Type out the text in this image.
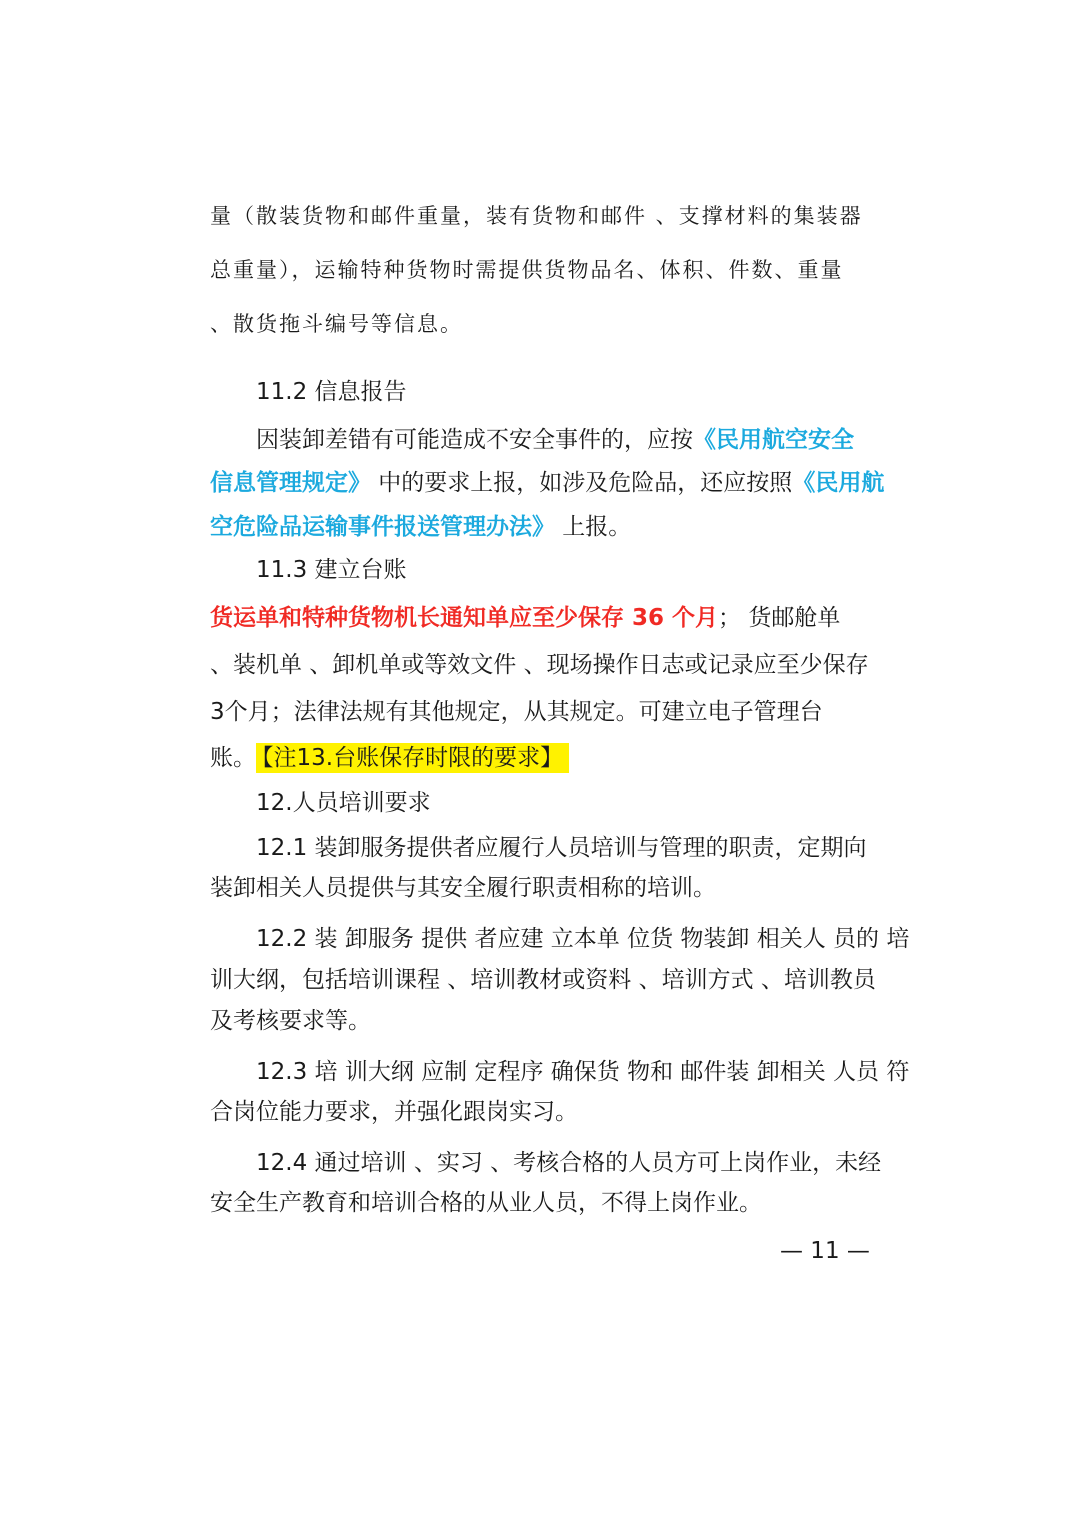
量（散装货物和邮件重量，装有货物和邮件 、支撑材料的集装器
总重量），运输特种货物时需提供货物品名、体积、件数、重量
、散货拖斗编号等信息。
11.2 信息报告
因装卸差错有可能造成不安全事件的，应按《民用航空安全
信息管理规定》 中的要求上报，如涉及危险品，还应按照《民用航
空危险品运输事件报送管理办法》 上报。
11.3 建立台账
货运单和特种货物机长通知单应至少保存 36 个月； 货邮舱单
、装机单 、卸机单或等效文件 、现场操作日志或记录应至少保存
3个月；法律法规有其他规定，从其规定。可建立电子管理台
账。 【注13.台账保存时限的要求】
12.人员培训要求
12.1 装卸服务提供者应履行人员培训与管理的职责，定期向
装卸相关人员提供与其安全履行职责相称的培训。
12.2 装 卸服务 提供 者应建 立本单 位货 物装卸 相关人 员的 培
训大纲，包括培训课程 、培训教材或资料 、培训方式 、培训教员
及考核要求等。
12.3 培 训大纲 应制 定程序 确保货 物和 邮件装 卸相关 人员 符
合岗位能力要求，并强化跟岗实习。
12.4 通过培训 、实习 、考核合格的人员方可上岗作业，未经
安全生产教育和培训合格的从业人员，不得上岗作业。
— 11 —
